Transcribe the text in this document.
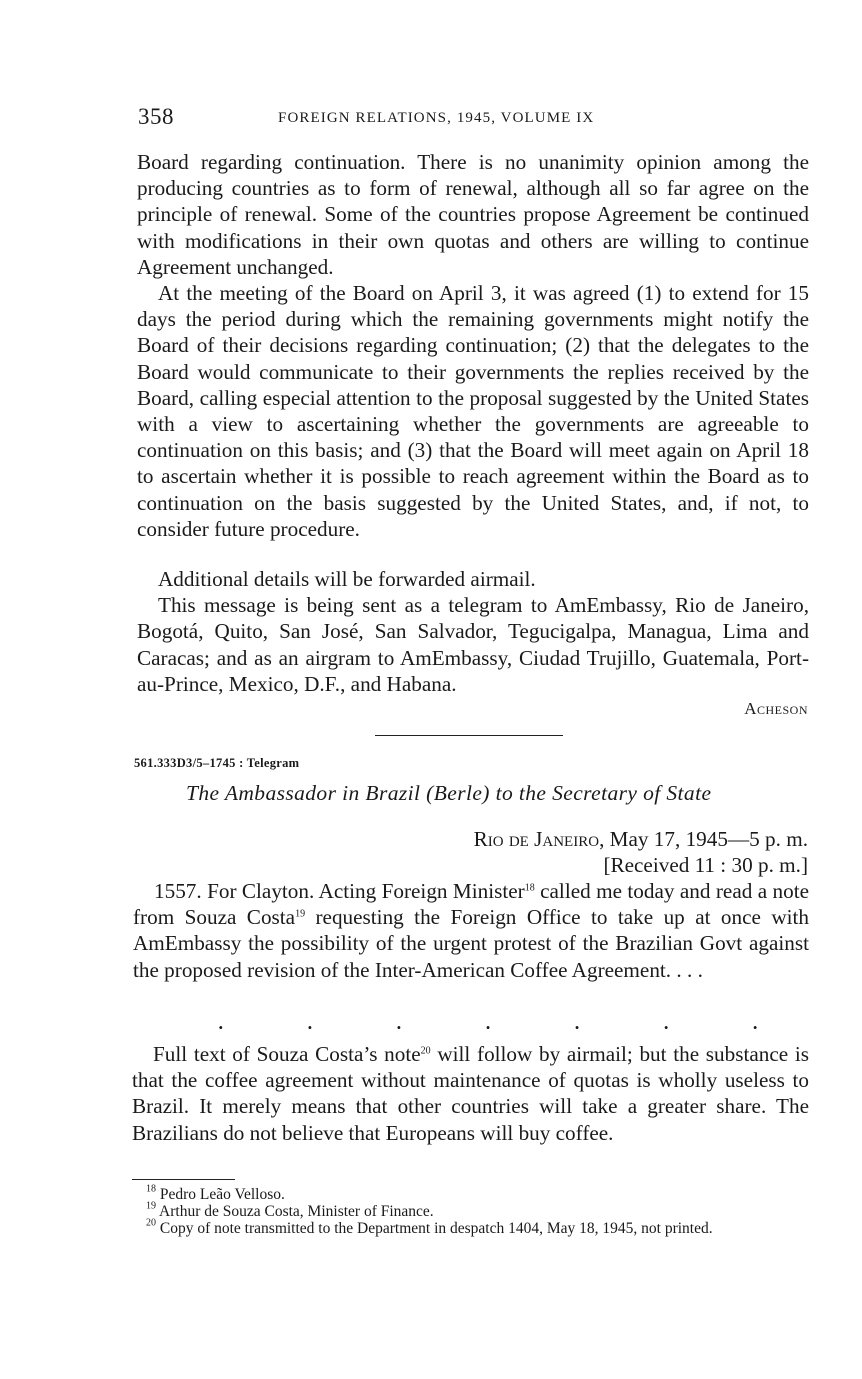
358	FOREIGN RELATIONS, 1945, VOLUME IX

Board regarding continuation. There is no unanimity opinion among the producing countries as to form of renewal, although all so far agree on the principle of renewal. Some of the countries propose Agreement be continued with modifications in their own quotas and others are willing to continue Agreement unchanged.

At the meeting of the Board on April 3, it was agreed (1) to extend for 15 days the period during which the remaining governments might notify the Board of their decisions regarding continuation; (2) that the delegates to the Board would communicate to their governments the replies received by the Board, calling especial attention to the proposal suggested by the United States with a view to ascertaining whether the governments are agreeable to continuation on this basis; and (3) that the Board will meet again on April 18 to ascertain whether it is possible to reach agreement within the Board as to continuation on the basis suggested by the United States, and, if not, to consider future procedure.

Additional details will be forwarded airmail.

This message is being sent as a telegram to AmEmbassy, Rio de Janeiro, Bogotá, Quito, San José, San Salvador, Tegucigalpa, Managua, Lima and Caracas; and as an airgram to AmEmbassy, Ciudad Trujillo, Guatemala, Port-au-Prince, Mexico, D.F., and Habana.

Acheson
561.333D3/5–1745 : Telegram
The Ambassador in Brazil (Berle) to the Secretary of State
Rio de Janeiro, May 17, 1945—5 p. m.
[Received 11 : 30 p. m.]

1557. For Clayton. Acting Foreign Minister$^{18}$ called me today and read a note from Souza Costa$^{19}$ requesting the Foreign Office to take up at once with AmEmbassy the possibility of the urgent protest of the Brazilian Govt against the proposed revision of the Inter-American Coffee Agreement. . . .

.	.	.	.	.	.	.

Full text of Souza Costa’s note$^{20}$ will follow by airmail; but the substance is that the coffee agreement without maintenance of quotas is wholly useless to Brazil. It merely means that other countries will take a greater share. The Brazilians do not believe that Europeans will buy coffee.

$^{18}$ Pedro Leão Velloso.

$^{19}$ Arthur de Souza Costa, Minister of Finance.

$^{20}$ Copy of note transmitted to the Department in despatch 1404, May 18, 1945, not printed.
